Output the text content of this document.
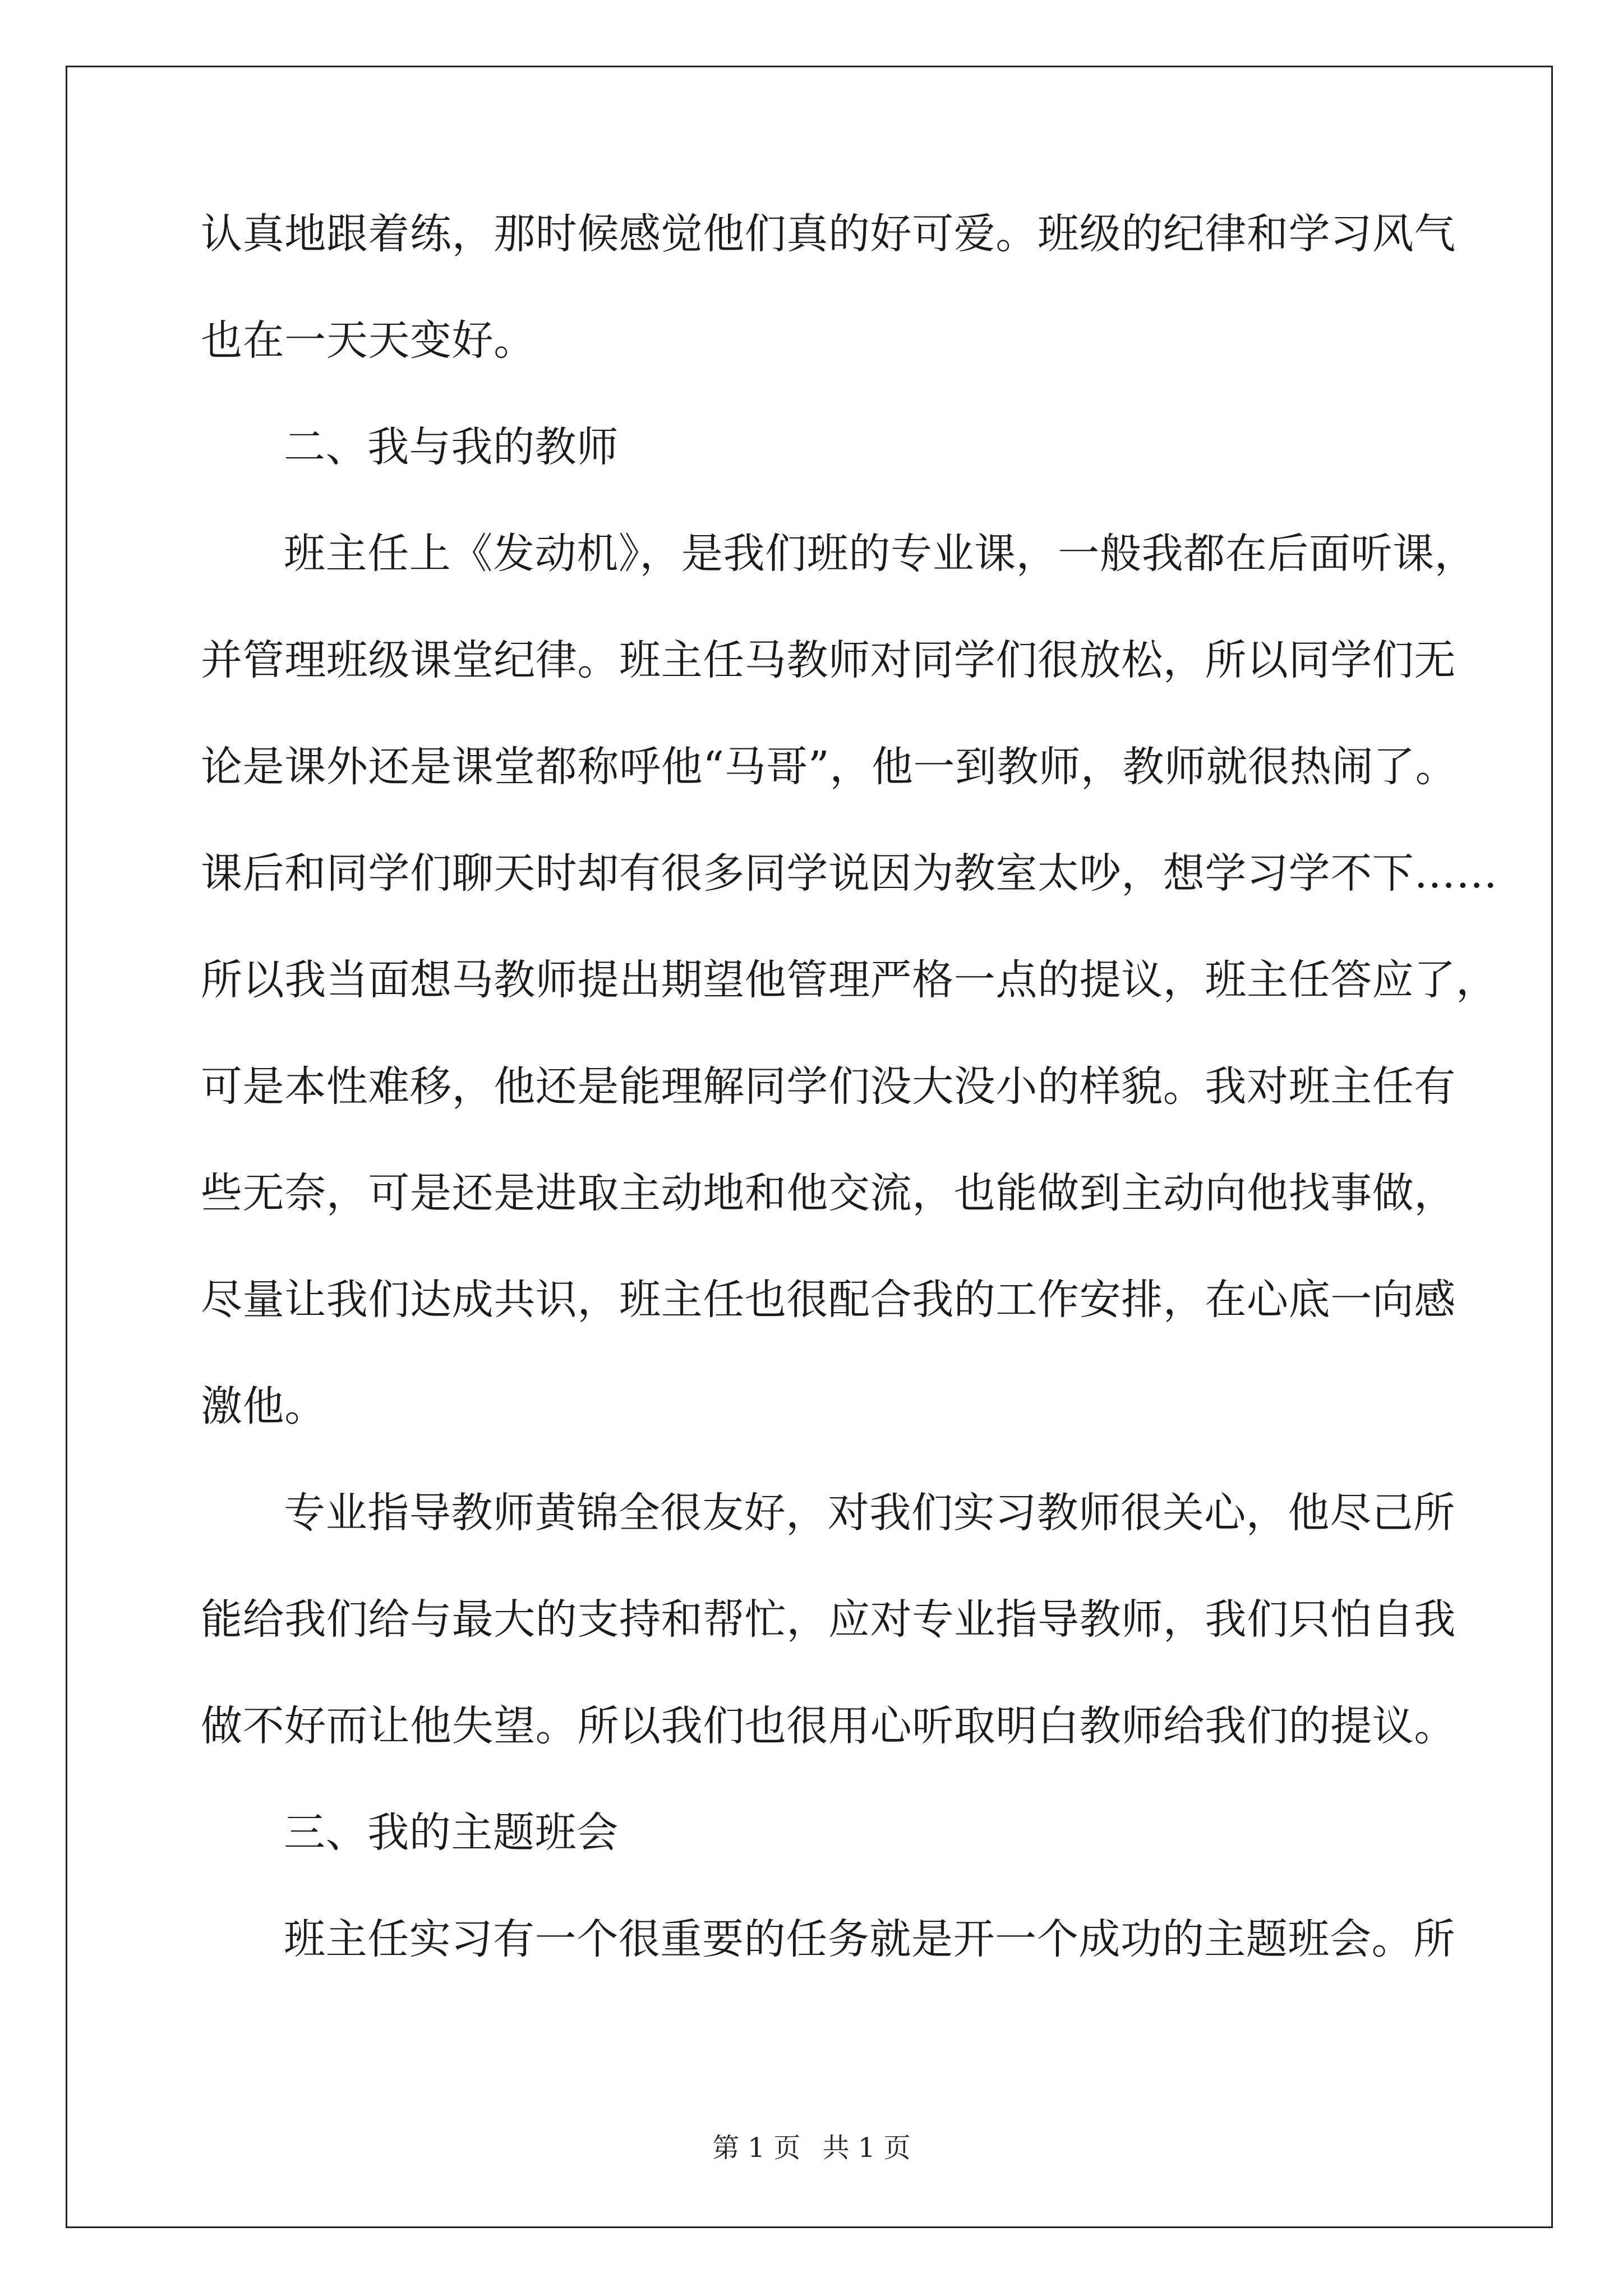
认真地跟着练，那时候感觉他们真的好可爱。班级的纪律和学习风气
也在一天天变好。
二、我与我的教师
班主任上《发动机》，是我们班的专业课，一般我都在后面听课，
并管理班级课堂纪律。班主任马教师对同学们很放松，所以同学们无
论是课外还是课堂都称呼他“马哥”，他一到教师，教师就很热闹了。
课后和同学们聊天时却有很多同学说因为教室太吵，想学习学不下……
所以我当面想马教师提出期望他管理严格一点的提议，班主任答应了，
可是本性难移，他还是能理解同学们没大没小的样貌。我对班主任有
些无奈，可是还是进取主动地和他交流，也能做到主动向他找事做，
尽量让我们达成共识，班主任也很配合我的工作安排，在心底一向感
激他。
专业指导教师黄锦全很友好，对我们实习教师很关心，他尽己所
能给我们给与最大的支持和帮忙，应对专业指导教师，我们只怕自我
做不好而让他失望。所以我们也很用心听取明白教师给我们的提议。
三、我的主题班会
班主任实习有一个很重要的任务就是开一个成功的主题班会。所
第 1 页 共 1 页
